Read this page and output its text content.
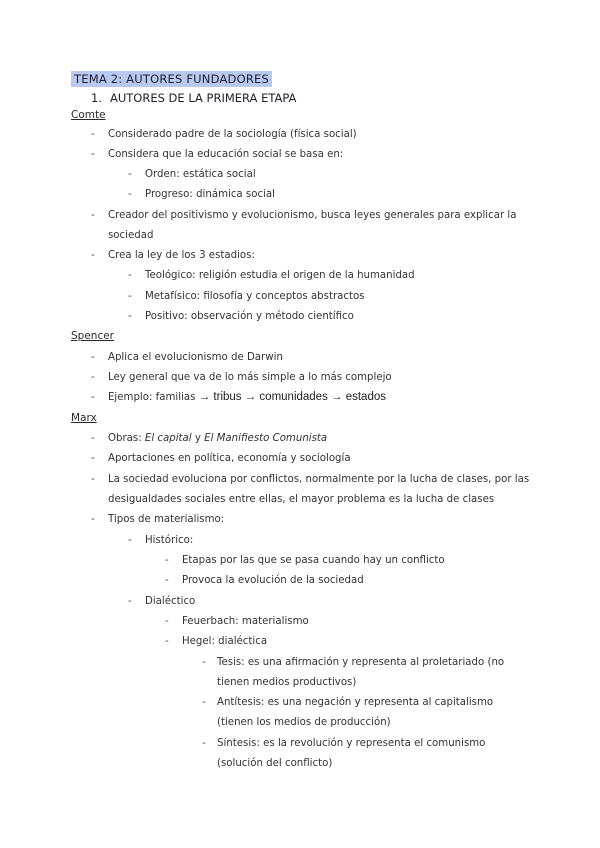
TEMA 2: AUTORES FUNDADORES
1. AUTORES DE LA PRIMERA ETAPA
Comte
- Considerado padre de la sociología (física social)
- Considera que la educación social se basa en:
- Orden: estática social
- Progreso: dinámica social
- Creador del positivismo y evolucionismo, busca leyes generales para explicar la
sociedad
- Crea la ley de los 3 estadios:
- Teológico: religión estudia el origen de la humanidad
- Metafísico: filosofía y conceptos abstractos
- Positivo: observación y método científico
Spencer
- Aplica el evolucionismo de Darwin
- Ley general que va de lo más simple a lo más complejo
- Ejemplo: familias → tribus → comunidades → estados
Marx
- Obras: El capital y El Manifiesto Comunista
- Aportaciones en política, economía y sociología
- La sociedad evoluciona por conflictos, normalmente por la lucha de clases, por las
desigualdades sociales entre ellas, el mayor problema es la lucha de clases
- Tipos de materialismo:
- Histórico:
- Etapas por las que se pasa cuando hay un conflicto
- Provoca la evolución de la sociedad
- Dialéctico
- Feuerbach: materialismo
- Hegel: dialéctica
- Tesis: es una afirmación y representa al proletariado (no
tienen medios productivos)
- Antítesis: es una negación y representa al capitalismo
(tienen los medios de producción)
- Síntesis: es la revolución y representa el comunismo
(solución del conflicto)
